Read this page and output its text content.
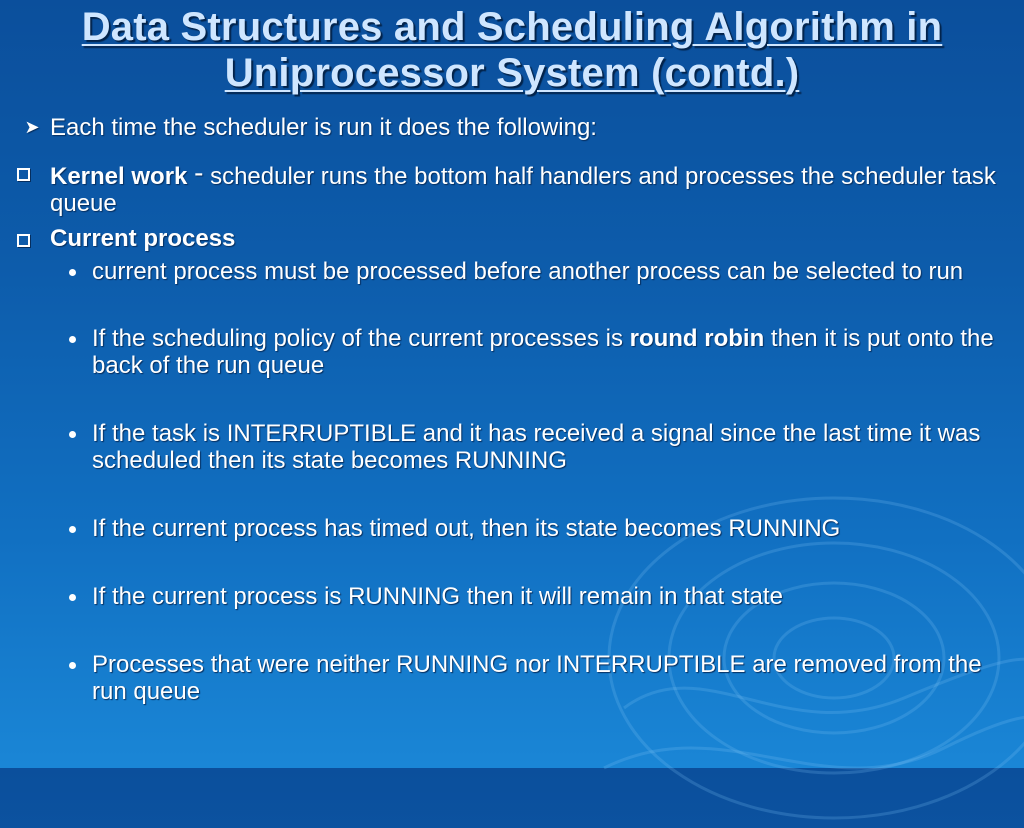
Data Structures and Scheduling Algorithm in Uniprocessor System (contd.)
➤ Each time the scheduler is run it does the following:
Kernel work - scheduler runs the bottom half handlers and processes the scheduler task queue
Current process
current process must be processed before another process can be selected to run
If the scheduling policy of the current processes is round robin then it is put onto the back of the run queue
If the task is INTERRUPTIBLE and it has received a signal since the last time it was scheduled then its state becomes RUNNING
If the current process has timed out, then its state becomes RUNNING
If the current process is RUNNING then it will remain in that state
Processes that were neither RUNNING nor INTERRUPTIBLE are removed from the run queue
